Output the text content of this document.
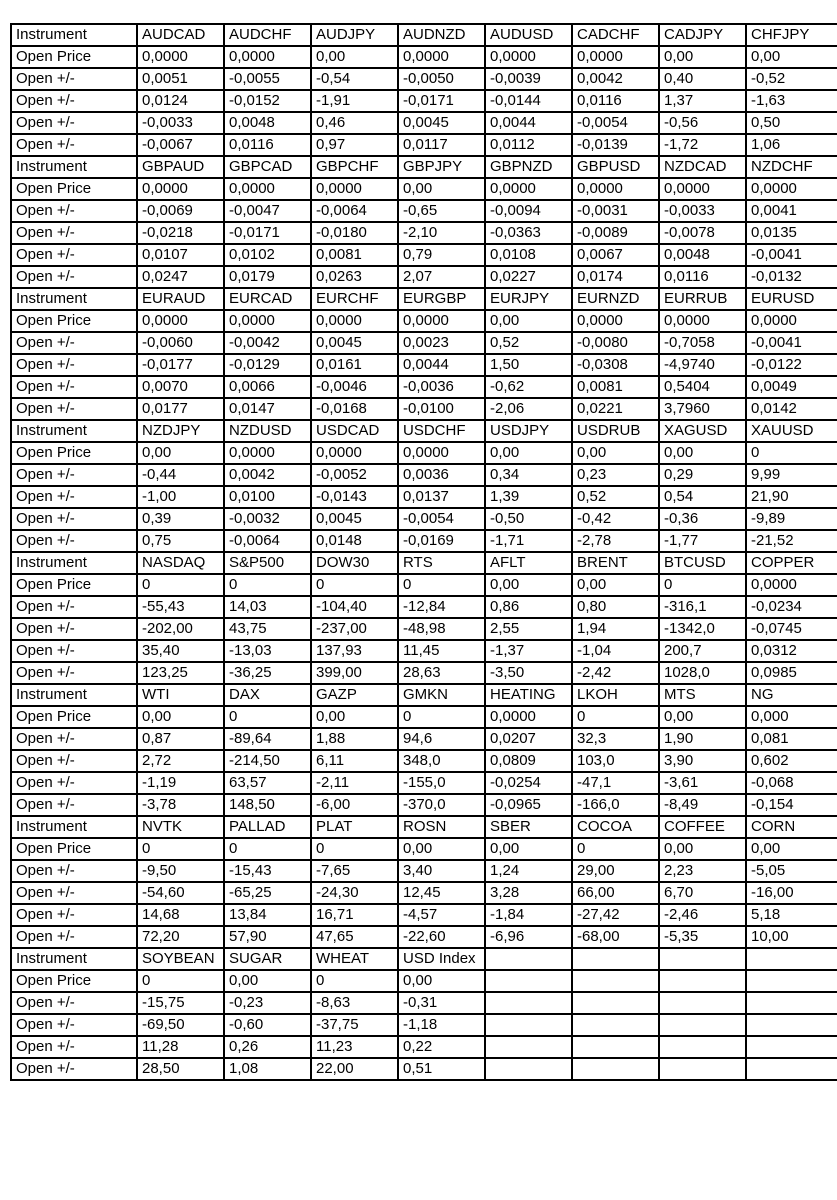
Instrument	AUDCAD	AUDCHF	AUDJPY	AUDNZD	AUDUSD	CADCHF	CADJPY	CHFJPY
Open Price	0,0000	0,0000	0,00	0,0000	0,0000	0,0000	0,00	0,00
Open +/-	0,0051	-0,0055	-0,54	-0,0050	-0,0039	0,0042	0,40	-0,52
Open +/-	0,0124	-0,0152	-1,91	-0,0171	-0,0144	0,0116	1,37	-1,63
Open +/-	-0,0033	0,0048	0,46	0,0045	0,0044	-0,0054	-0,56	0,50
Open +/-	-0,0067	0,0116	0,97	0,0117	0,0112	-0,0139	-1,72	1,06
Instrument	GBPAUD	GBPCAD	GBPCHF	GBPJPY	GBPNZD	GBPUSD	NZDCAD	NZDCHF
Open Price	0,0000	0,0000	0,0000	0,00	0,0000	0,0000	0,0000	0,0000
Open +/-	-0,0069	-0,0047	-0,0064	-0,65	-0,0094	-0,0031	-0,0033	0,0041
Open +/-	-0,0218	-0,0171	-0,0180	-2,10	-0,0363	-0,0089	-0,0078	0,0135
Open +/-	0,0107	0,0102	0,0081	0,79	0,0108	0,0067	0,0048	-0,0041
Open +/-	0,0247	0,0179	0,0263	2,07	0,0227	0,0174	0,0116	-0,0132
Instrument	EURAUD	EURCAD	EURCHF	EURGBP	EURJPY	EURNZD	EURRUB	EURUSD
Open Price	0,0000	0,0000	0,0000	0,0000	0,00	0,0000	0,0000	0,0000
Open +/-	-0,0060	-0,0042	0,0045	0,0023	0,52	-0,0080	-0,7058	-0,0041
Open +/-	-0,0177	-0,0129	0,0161	0,0044	1,50	-0,0308	-4,9740	-0,0122
Open +/-	0,0070	0,0066	-0,0046	-0,0036	-0,62	0,0081	0,5404	0,0049
Open +/-	0,0177	0,0147	-0,0168	-0,0100	-2,06	0,0221	3,7960	0,0142
Instrument	NZDJPY	NZDUSD	USDCAD	USDCHF	USDJPY	USDRUB	XAGUSD	XAUUSD
Open Price	0,00	0,0000	0,0000	0,0000	0,00	0,00	0,00	0
Open +/-	-0,44	0,0042	-0,0052	0,0036	0,34	0,23	0,29	9,99
Open +/-	-1,00	0,0100	-0,0143	0,0137	1,39	0,52	0,54	21,90
Open +/-	0,39	-0,0032	0,0045	-0,0054	-0,50	-0,42	-0,36	-9,89
Open +/-	0,75	-0,0064	0,0148	-0,0169	-1,71	-2,78	-1,77	-21,52
Instrument	NASDAQ	S&P500	DOW30	RTS	AFLT	BRENT	BTCUSD	COPPER
Open Price	0	0	0	0	0,00	0,00	0	0,0000
Open +/-	-55,43	14,03	-104,40	-12,84	0,86	0,80	-316,1	-0,0234
Open +/-	-202,00	43,75	-237,00	-48,98	2,55	1,94	-1342,0	-0,0745
Open +/-	35,40	-13,03	137,93	11,45	-1,37	-1,04	200,7	0,0312
Open +/-	123,25	-36,25	399,00	28,63	-3,50	-2,42	1028,0	0,0985
Instrument	WTI	DAX	GAZP	GMKN	HEATING	LKOH	MTS	NG
Open Price	0,00	0	0,00	0	0,0000	0	0,00	0,000
Open +/-	0,87	-89,64	1,88	94,6	0,0207	32,3	1,90	0,081
Open +/-	2,72	-214,50	6,11	348,0	0,0809	103,0	3,90	0,602
Open +/-	-1,19	63,57	-2,11	-155,0	-0,0254	-47,1	-3,61	-0,068
Open +/-	-3,78	148,50	-6,00	-370,0	-0,0965	-166,0	-8,49	-0,154
Instrument	NVTK	PALLAD	PLAT	ROSN	SBER	COCOA	COFFEE	CORN
Open Price	0	0	0	0,00	0,00	0	0,00	0,00
Open +/-	-9,50	-15,43	-7,65	3,40	1,24	29,00	2,23	-5,05
Open +/-	-54,60	-65,25	-24,30	12,45	3,28	66,00	6,70	-16,00
Open +/-	14,68	13,84	16,71	-4,57	-1,84	-27,42	-2,46	5,18
Open +/-	72,20	57,90	47,65	-22,60	-6,96	-68,00	-5,35	10,00
Instrument	SOYBEAN	SUGAR	WHEAT	USD Index				
Open Price	0	0,00	0	0,00				
Open +/-	-15,75	-0,23	-8,63	-0,31				
Open +/-	-69,50	-0,60	-37,75	-1,18				
Open +/-	11,28	0,26	11,23	0,22				
Open +/-	28,50	1,08	22,00	0,51				
